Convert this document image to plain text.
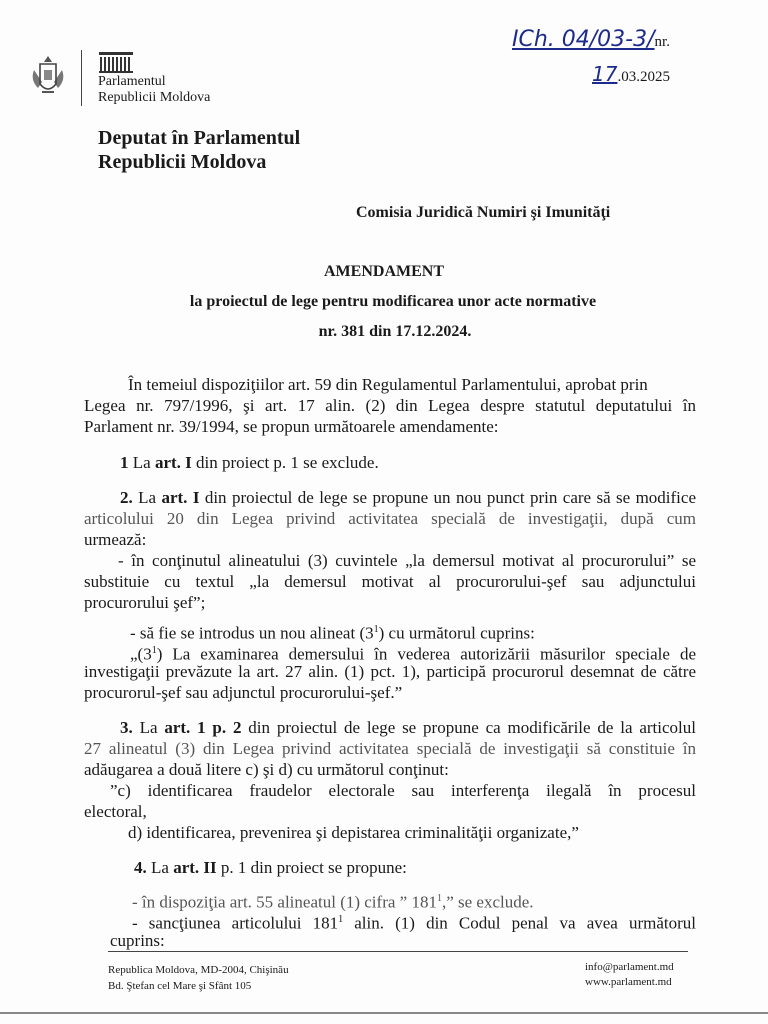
Parlamentul
Republicii Moldova
ICh. 04/03-3/nr.
17.03.2025
Deputat în Parlamentul
Republicii Moldova
Comisia Juridică Numiri şi Imunităţi
AMENDAMENT
la proiectul de lege pentru modificarea unor acte normative
nr. 381 din 17.12.2024.
În temeiul dispoziţiilor art. 59 din Regulamentul Parlamentului, aprobat prin
Legea nr. 797/1996, şi art. 17 alin. (2) din Legea despre statutul deputatului în
Parlament nr. 39/1994, se propun următoarele amendamente:
1 La art. I din proiect p. 1 se exclude.
2. La art. I din proiectul de lege se propune un nou punct prin care să se modifice
articolului 20 din Legea privind activitatea specială de investigaţii, după cum
urmează:
- în conţinutul alineatului (3) cuvintele „la demersul motivat al procurorului” se
substituie cu textul „la demersul motivat al procurorului-şef sau adjunctului
procurorului şef”;
- să fie se introdus un nou alineat $(3^1)$ cu următorul cuprins:
$„(3^1)$ La examinarea demersului în vederea autorizării măsurilor speciale de
investigaţii prevăzute la art. 27 alin. (1) pct. 1), participă procurorul desemnat de către
procurorul-şef sau adjunctul procurorului-şef.”
3. La art. 1 p. 2 din proiectul de lege se propune ca modificările de la articolul
27 alineatul (3) din Legea privind activitatea specială de investigaţii să constituie în
adăugarea a două litere c) şi d) cu următorul conţinut:
”c) identificarea fraudelor electorale sau interferenţa ilegală în procesul
electoral,
d) identificarea, prevenirea şi depistarea criminalităţii organizate,”
4. La art. II p. 1 din proiect se propune:
- în dispoziţia art. 55 alineatul (1) cifra ” $181^1$,” se exclude.
- sancţiunea articolului $181^1$ alin. (1) din Codul penal va avea următorul
cuprins:
Republica Moldova, MD-2004, Chişinău
Bd. Ştefan cel Mare şi Sfânt 105
info@parlament.md
www.parlament.md
